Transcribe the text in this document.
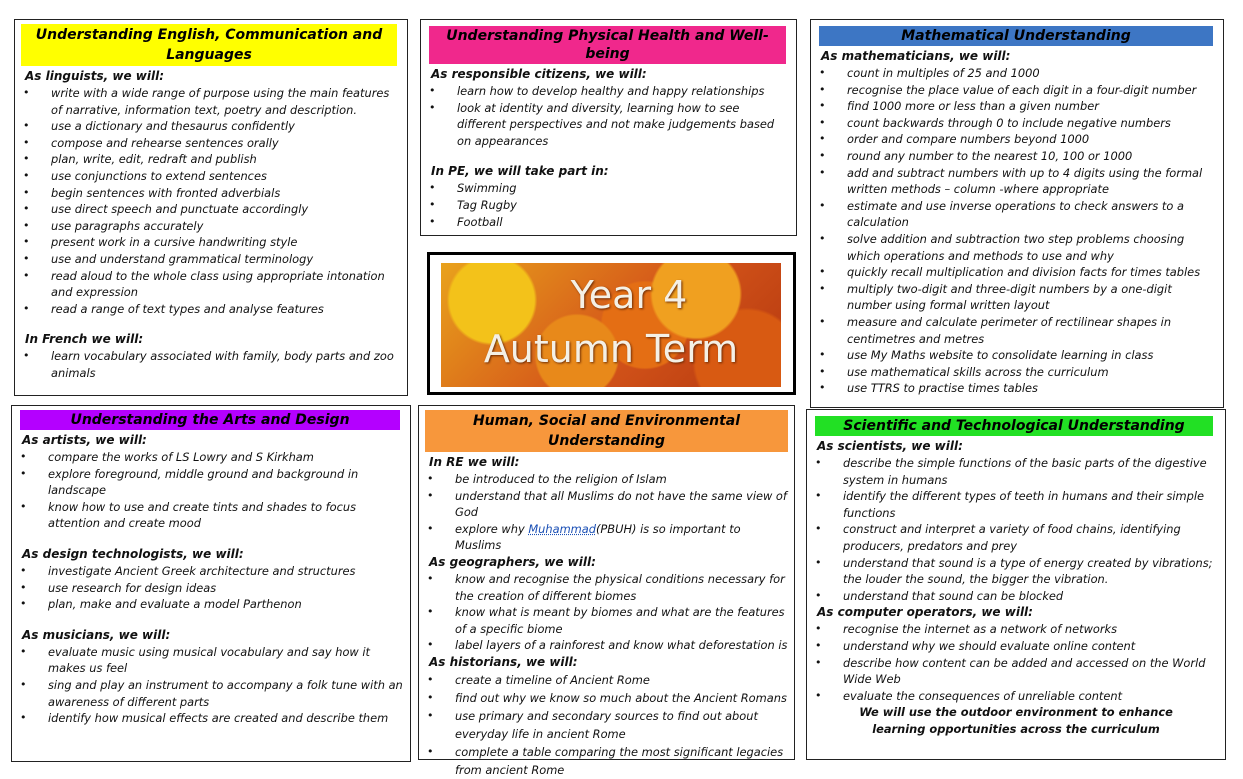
Understanding English, Communication and Languages
As linguists, we will:
• write with a wide range of purpose using the main features of narrative, information text, poetry and description.
• use a dictionary and thesaurus confidently
• compose and rehearse sentences orally
• plan, write, edit, redraft and publish
• use conjunctions to extend sentences
• begin sentences with fronted adverbials
• use direct speech and punctuate accordingly
• use paragraphs accurately
• present work in a cursive handwriting style
• use and understand grammatical terminology
• read aloud to the whole class using appropriate intonation and expression
• read a range of text types and analyse features
In French we will:
• learn vocabulary associated with family, body parts and zoo animals
Understanding Physical Health and Well-being
As responsible citizens, we will:
• learn how to develop healthy and happy relationships
• look at identity and diversity, learning how to see different perspectives and not make judgements based on appearances
In PE, we will take part in:
• Swimming
• Tag Rugby
• Football
Year 4
Autumn Term
Mathematical Understanding
As mathematicians, we will:
• count in multiples of 25 and 1000
• recognise the place value of each digit in a four-digit number
• find 1000 more or less than a given number
• count backwards through 0 to include negative numbers
• order and compare numbers beyond 1000
• round any number to the nearest 10, 100 or 1000
• add and subtract numbers with up to 4 digits using the formal written methods – column -where appropriate
• estimate and use inverse operations to check answers to a calculation
• solve addition and subtraction two step problems choosing which operations and methods to use and why
• quickly recall multiplication and division facts for times tables
• multiply two-digit and three-digit numbers by a one-digit number using formal written layout
• measure and calculate perimeter of rectilinear shapes in centimetres and metres
• use My Maths website to consolidate learning in class
• use mathematical skills across the curriculum
• use TTRS to practise times tables
Understanding the Arts and Design
As artists, we will:
• compare the works of LS Lowry and S Kirkham
• explore foreground, middle ground and background in landscape
• know how to use and create tints and shades to focus attention and create mood
As design technologists, we will:
• investigate Ancient Greek architecture and structures
• use research for design ideas
• plan, make and evaluate a model Parthenon
As musicians, we will:
• evaluate music using musical vocabulary and say how it makes us feel
• sing and play an instrument to accompany a folk tune with an awareness of different parts
• identify how musical effects are created and describe them
Human, Social and Environmental Understanding
In RE we will:
• be introduced to the religion of Islam
• understand that all Muslims do not have the same view of God
• explore why Muhammad(PBUH) is so important to Muslims
As geographers, we will:
• know and recognise the physical conditions necessary for the creation of different biomes
• know what is meant by biomes and what are the features of a specific biome
• label layers of a rainforest and know what deforestation is
As historians, we will:
• create a timeline of Ancient Rome
• find out why we know so much about the Ancient Romans
• use primary and secondary sources to find out about everyday life in ancient Rome
• complete a table comparing the most significant legacies from ancient Rome
Scientific and Technological Understanding
As scientists, we will:
• describe the simple functions of the basic parts of the digestive system in humans
• identify the different types of teeth in humans and their simple functions
• construct and interpret a variety of food chains, identifying producers, predators and prey
• understand that sound is a type of energy created by vibrations; the louder the sound, the bigger the vibration.
• understand that sound can be blocked
As computer operators, we will:
• recognise the internet as a network of networks
• understand why we should evaluate online content
• describe how content can be added and accessed on the World Wide Web
• evaluate the consequences of unreliable content
We will use the outdoor environment to enhance learning opportunities across the curriculum
